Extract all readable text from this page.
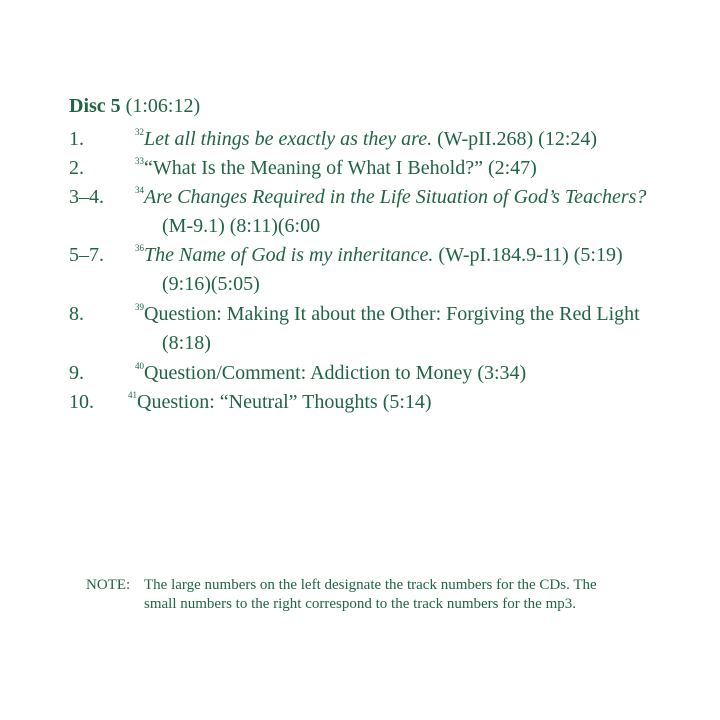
Disc 5 (1:06:12)
1.	$^{32}$Let all things be exactly as they are. (W-pII.268) (12:24)
2.	$^{33}$“What Is the Meaning of What I Behold?” (2:47)
3–4.	$^{34}$Are Changes Required in the Life Situation of God’s Teachers?
(M-9.1) (8:11)(6:00
5–7.	$^{36}$The Name of God is my inheritance. (W-pI.184.9-11) (5:19)
(9:16)(5:05)
8.	$^{39}$Question: Making It about the Other: Forgiving the Red Light
(8:18)
9.	$^{40}$Question/Comment: Addiction to Money (3:34)
10.	$^{41}$Question: “Neutral” Thoughts (5:14)
NOTE: The large numbers on the left designate the track numbers for the CDs. The
small numbers to the right correspond to the track numbers for the mp3.
